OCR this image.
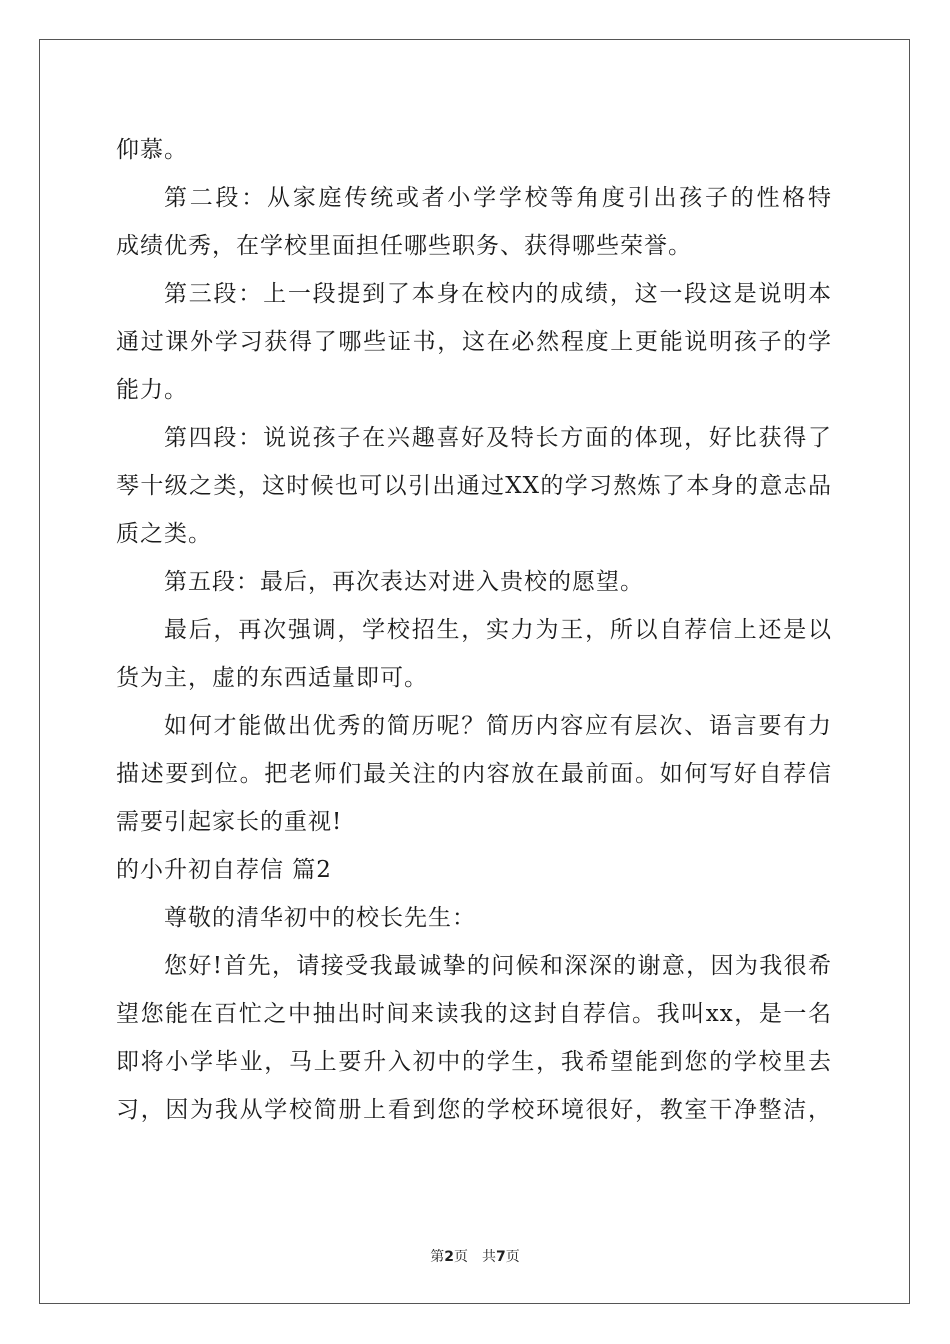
仰慕。
第二段：从家庭传统或者小学学校等角度引出孩子的性格特
成绩优秀，在学校里面担任哪些职务、获得哪些荣誉。
第三段：上一段提到了本身在校内的成绩，这一段这是说明本
通过课外学习获得了哪些证书，这在必然程度上更能说明孩子的学
能力。
第四段：说说孩子在兴趣喜好及特长方面的体现，好比获得了
琴十级之类，这时候也可以引出通过XX的学习熬炼了本身的意志品
质之类。
第五段：最后，再次表达对进入贵校的愿望。
最后，再次强调，学校招生，实力为王，所以自荐信上还是以
货为主，虚的东西适量即可。
如何才能做出优秀的简历呢？简历内容应有层次、语言要有力
描述要到位。把老师们最关注的内容放在最前面。如何写好自荐信
需要引起家长的重视!
的小升初自荐信 篇2
尊敬的清华初中的校长先生：
您好!首先，请接受我最诚挚的问候和深深的谢意，因为我很希
望您能在百忙之中抽出时间来读我的这封自荐信。我叫xx，是一名
即将小学毕业，马上要升入初中的学生，我希望能到您的学校里去
习，因为我从学校简册上看到您的学校环境很好，教室干净整洁，
第2页 共7页
